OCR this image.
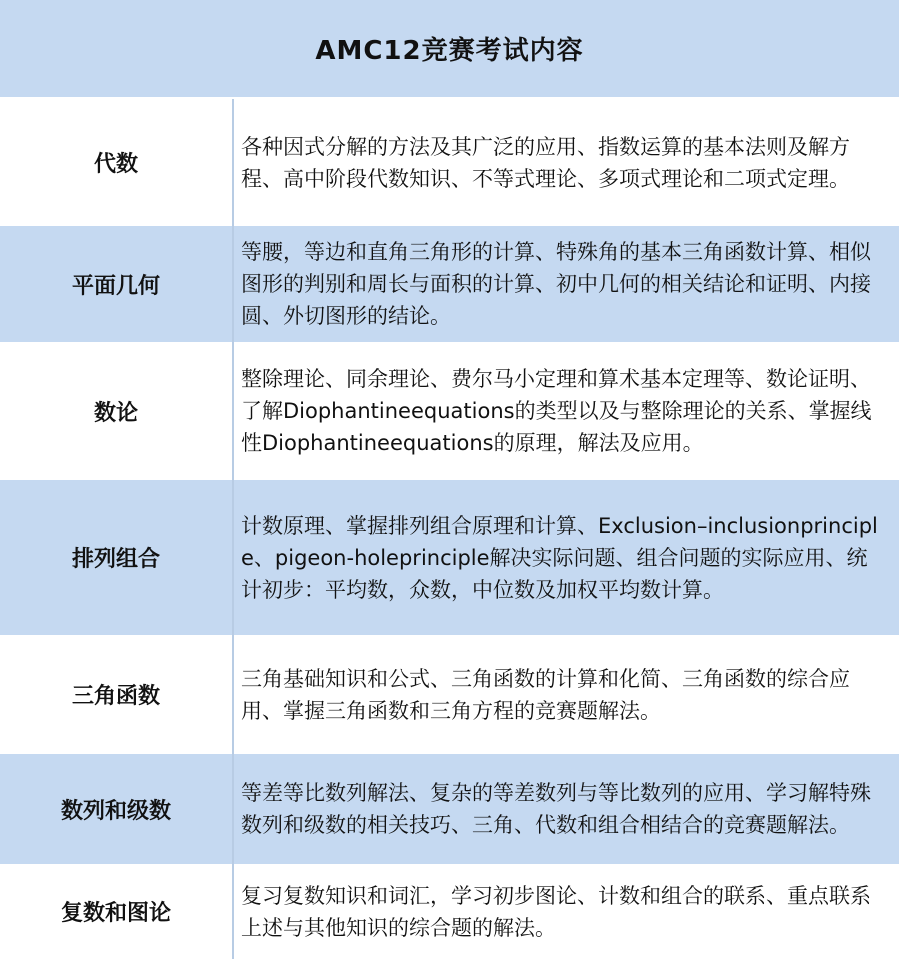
AMC12竞赛考试内容
代数
各种因式分解的方法及其广泛的应用、指数运算的基本法则及解方程、高中阶段代数知识、不等式理论、多项式理论和二项式定理。
平面几何
等腰，等边和直角三角形的计算、特殊角的基本三角函数计算、相似图形的判别和周长与面积的计算、初中几何的相关结论和证明、内接圆、外切图形的结论。
数论
整除理论、同余理论、费尔马小定理和算术基本定理等、数论证明、了解Diophantineequations的类型以及与整除理论的关系、掌握线性Diophantineequations的原理，解法及应用。
排列组合
计数原理、掌握排列组合原理和计算、Exclusion–inclusionprinciple、pigeon-holeprinciple解决实际问题、组合问题的实际应用、统计初步：平均数，众数，中位数及加权平均数计算。
三角函数
三角基础知识和公式、三角函数的计算和化简、三角函数的综合应用、掌握三角函数和三角方程的竞赛题解法。
数列和级数
等差等比数列解法、复杂的等差数列与等比数列的应用、学习解特殊数列和级数的相关技巧、三角、代数和组合相结合的竞赛题解法。
复数和图论
复习复数知识和词汇，学习初步图论、计数和组合的联系、重点联系上述与其他知识的综合题的解法。
